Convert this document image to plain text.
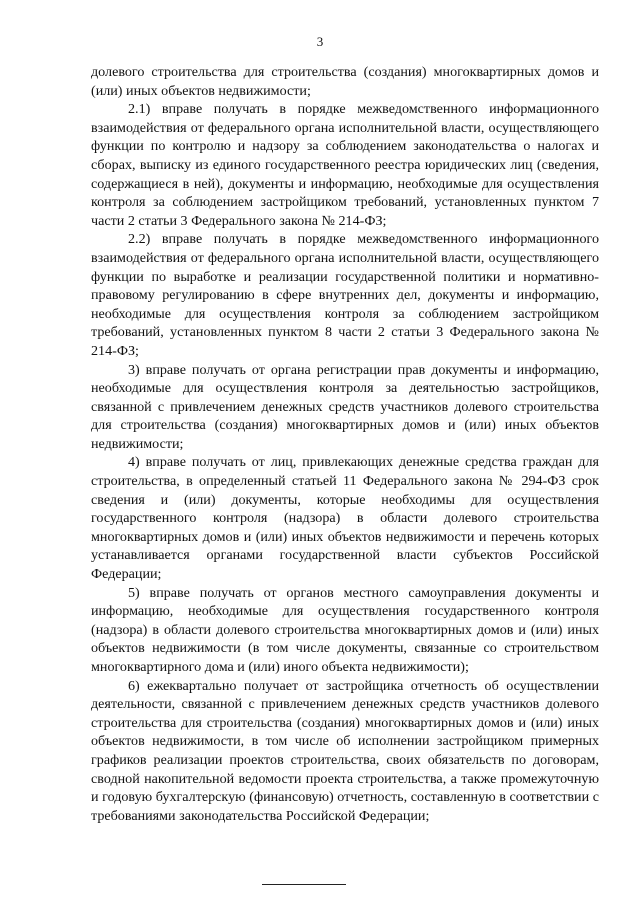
3

долевого строительства для строительства (создания) многоквартирных домов и (или) иных объектов недвижимости;

2.1) вправе получать в порядке межведомственного информационного взаимодействия от федерального органа исполнительной власти, осуществляющего функции по контролю и надзору за соблюдением законодательства о налогах и сборах, выписку из единого государственного реестра юридических лиц (сведения, содержащиеся в ней), документы и информацию, необходимые для осуществления контроля за соблюдением застройщиком требований, установленных пунктом 7 части 2 статьи 3 Федерального закона № 214-ФЗ;

2.2) вправе получать в порядке межведомственного информационного взаимодействия от федерального органа исполнительной власти, осуществляющего функции по выработке и реализации государственной политики и нормативно-правовому регулированию в сфере внутренних дел, документы и информацию, необходимые для осуществления контроля за соблюдением застройщиком требований, установленных пунктом 8 части 2 статьи 3 Федерального закона № 214-ФЗ;

3) вправе получать от органа регистрации прав документы и информацию, необходимые для осуществления контроля за деятельностью застройщиков, связанной с привлечением денежных средств участников долевого строительства для строительства (создания) многоквартирных домов и (или) иных объектов недвижимости;

4) вправе получать от лиц, привлекающих денежные средства граждан для строительства, в определенный статьей 11 Федерального закона № 294-ФЗ срок сведения и (или) документы, которые необходимы для осуществления государственного контроля (надзора) в области долевого строительства многоквартирных домов и (или) иных объектов недвижимости и перечень которых устанавливается органами государственной власти субъектов Российской Федерации;

5) вправе получать от органов местного самоуправления документы и информацию, необходимые для осуществления государственного контроля (надзора) в области долевого строительства многоквартирных домов и (или) иных объектов недвижимости (в том числе документы, связанные со строительством многоквартирного дома и (или) иного объекта недвижимости);

6) ежеквартально получает от застройщика отчетность об осуществлении деятельности, связанной с привлечением денежных средств участников долевого строительства для строительства (создания) многоквартирных домов и (или) иных объектов недвижимости, в том числе об исполнении застройщиком примерных графиков реализации проектов строительства, своих обязательств по договорам, сводной накопительной ведомости проекта строительства, а также промежуточную и годовую бухгалтерскую (финансовую) отчетность, составленную в соответствии с требованиями законодательства Российской Федерации;
